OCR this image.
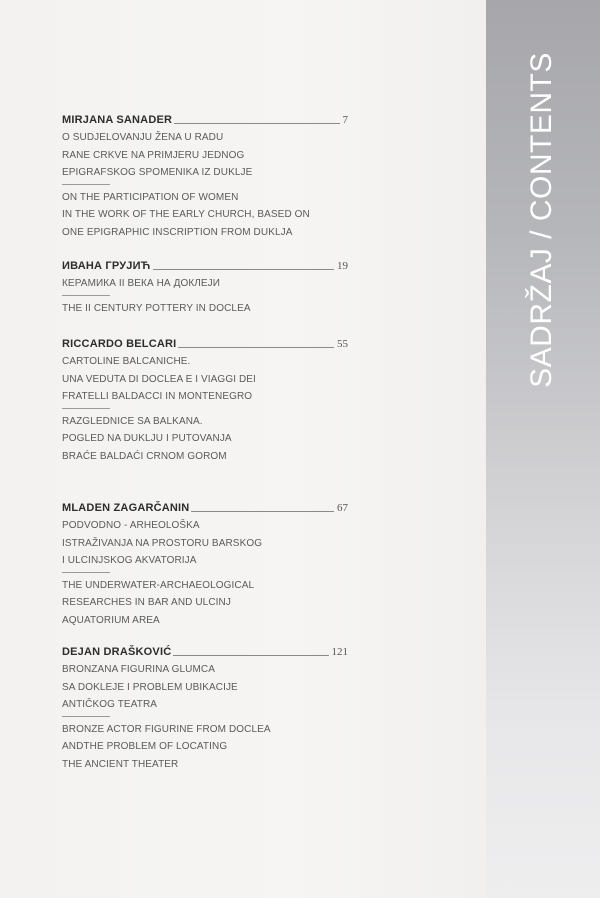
SADRŽAJ / CONTENTS
MIRJANA SANADER	7
O SUDJELOVANJU ŽENA U RADU
RANE CRKVE NA PRIMJERU JEDNOG
EPIGRAFSKOG SPOMENIKA IZ DUKLJE
ON THE PARTICIPATION OF WOMEN
IN THE WORK OF THE EARLY CHURCH, BASED ON
ONE EPIGRAPHIC INSCRIPTION FROM DUKLJA
ИВАНА ГРУЈИЋ	19
КЕРАМИКА II ВЕКА НА ДОКЛЕЈИ
THE II CENTURY POTTERY IN DOCLEA
RICCARDO BELCARI	55
CARTOLINE BALCANICHE.
UNA VEDUTA DI DOCLEA E I VIAGGI DEI
FRATELLI BALDACCI IN MONTENEGRO
RAZGLEDNICE SA BALKANA.
POGLED NA DUKLJU I PUTOVANJA
BRAĆE BALDAĆI CRNOM GOROM
MLADEN ZAGARČANIN	67
PODVODNO - ARHEOLOŠKA
ISTRAŽIVANJA NA PROSTORU BARSKOG
I ULCINJSKOG AKVATORIJA
THE UNDERWATER-ARCHAEOLOGICAL
RESEARCHES IN BAR AND ULCINJ
AQUATORIUM AREA
DEJAN DRAŠKOVIĆ	121
BRONZANA FIGURINA GLUMCA
SA DOKLEJE I PROBLEM UBIKACIJE
ANTIČKOG TEATRA
BRONZE ACTOR FIGURINE FROM DOCLEA
ANDTHE PROBLEM OF LOCATING
THE ANCIENT THEATER
